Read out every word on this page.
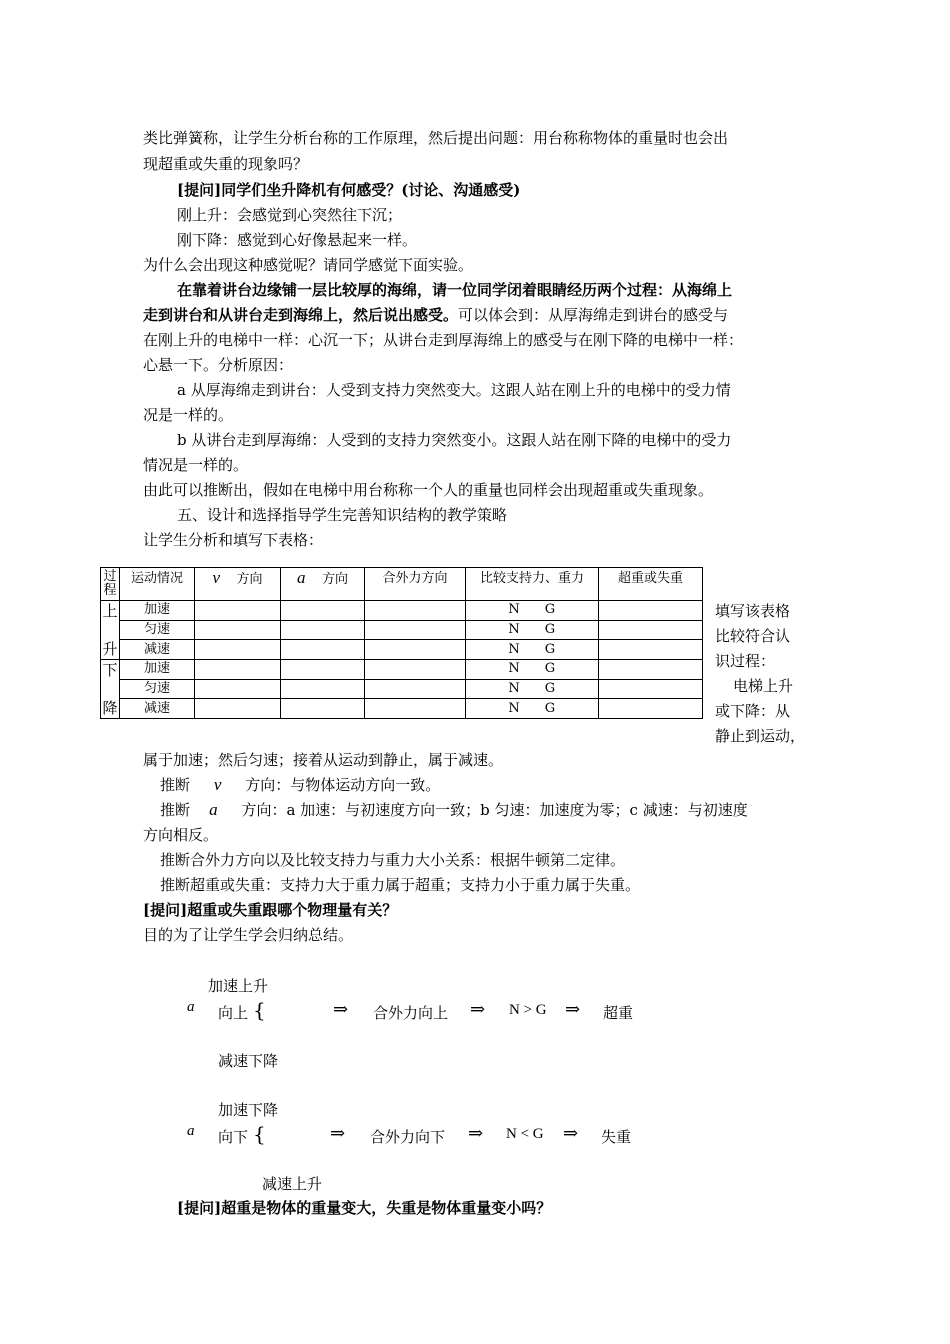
类比弹簧称，让学生分析台称的工作原理，然后提出问题：用台称称物体的重量时也会出
现超重或失重的现象吗？
[提问]同学们坐升降机有何感受？(讨论、沟通感受)
刚上升：会感觉到心突然往下沉；
刚下降：感觉到心好像悬起来一样。
为什么会出现这种感觉呢？请同学感觉下面实验。
在靠着讲台边缘铺一层比较厚的海绵，请一位同学闭着眼睛经历两个过程：从海绵上
走到讲台和从讲台走到海绵上，然后说出感受。可以体会到：从厚海绵走到讲台的感受与
在刚上升的电梯中一样：心沉一下；从讲台走到厚海绵上的感受与在刚下降的电梯中一样：
心悬一下。分析原因：
a 从厚海绵走到讲台：人受到支持力突然变大。这跟人站在刚上升的电梯中的受力情
况是一样的。
b 从讲台走到厚海绵：人受到的支持力突然变小。这跟人站在刚下降的电梯中的受力
情况是一样的。
由此可以推断出，假如在电梯中用台称称一个人的重量也同样会出现超重或失重现象。
五、设计和选择指导学生完善知识结构的教学策略
让学生分析和填写下表格：
过程	运动情况	v 方向	a 方向	合外力方向	比较支持力、重力	超重或失重

上
升	加速				N G	
	匀速				N G	
	减速				N G	

下
降	加速				N G	
	匀速				N G	
	减速				N G	
填写该表格
比较符合认
识过程：
电梯上升
或下降：从
静止到运动，
属于加速；然后匀速；接着从运动到静止，属于减速。
推断 v 方向：与物体运动方向一致。
推断 a 方向：a 加速：与初速度方向一致；b 匀速：加速度为零；c 减速：与初速度
方向相反。
推断合外力方向以及比较支持力与重力大小关系：根据牛顿第二定律。
推断超重或失重：支持力大于重力属于超重；支持力小于重力属于失重。
[提问]超重或失重跟哪个物理量有关？
目的为了让学生学会归纳总结。
加速上升
a 向上 {	⇒ 合外力向上 ⇒ N > G ⇒ 超重
减速下降
加速下降
a 向下 {	⇒ 合外力向下 ⇒ N < G ⇒ 失重
减速上升
[提问]超重是物体的重量变大，失重是物体重量变小吗？
